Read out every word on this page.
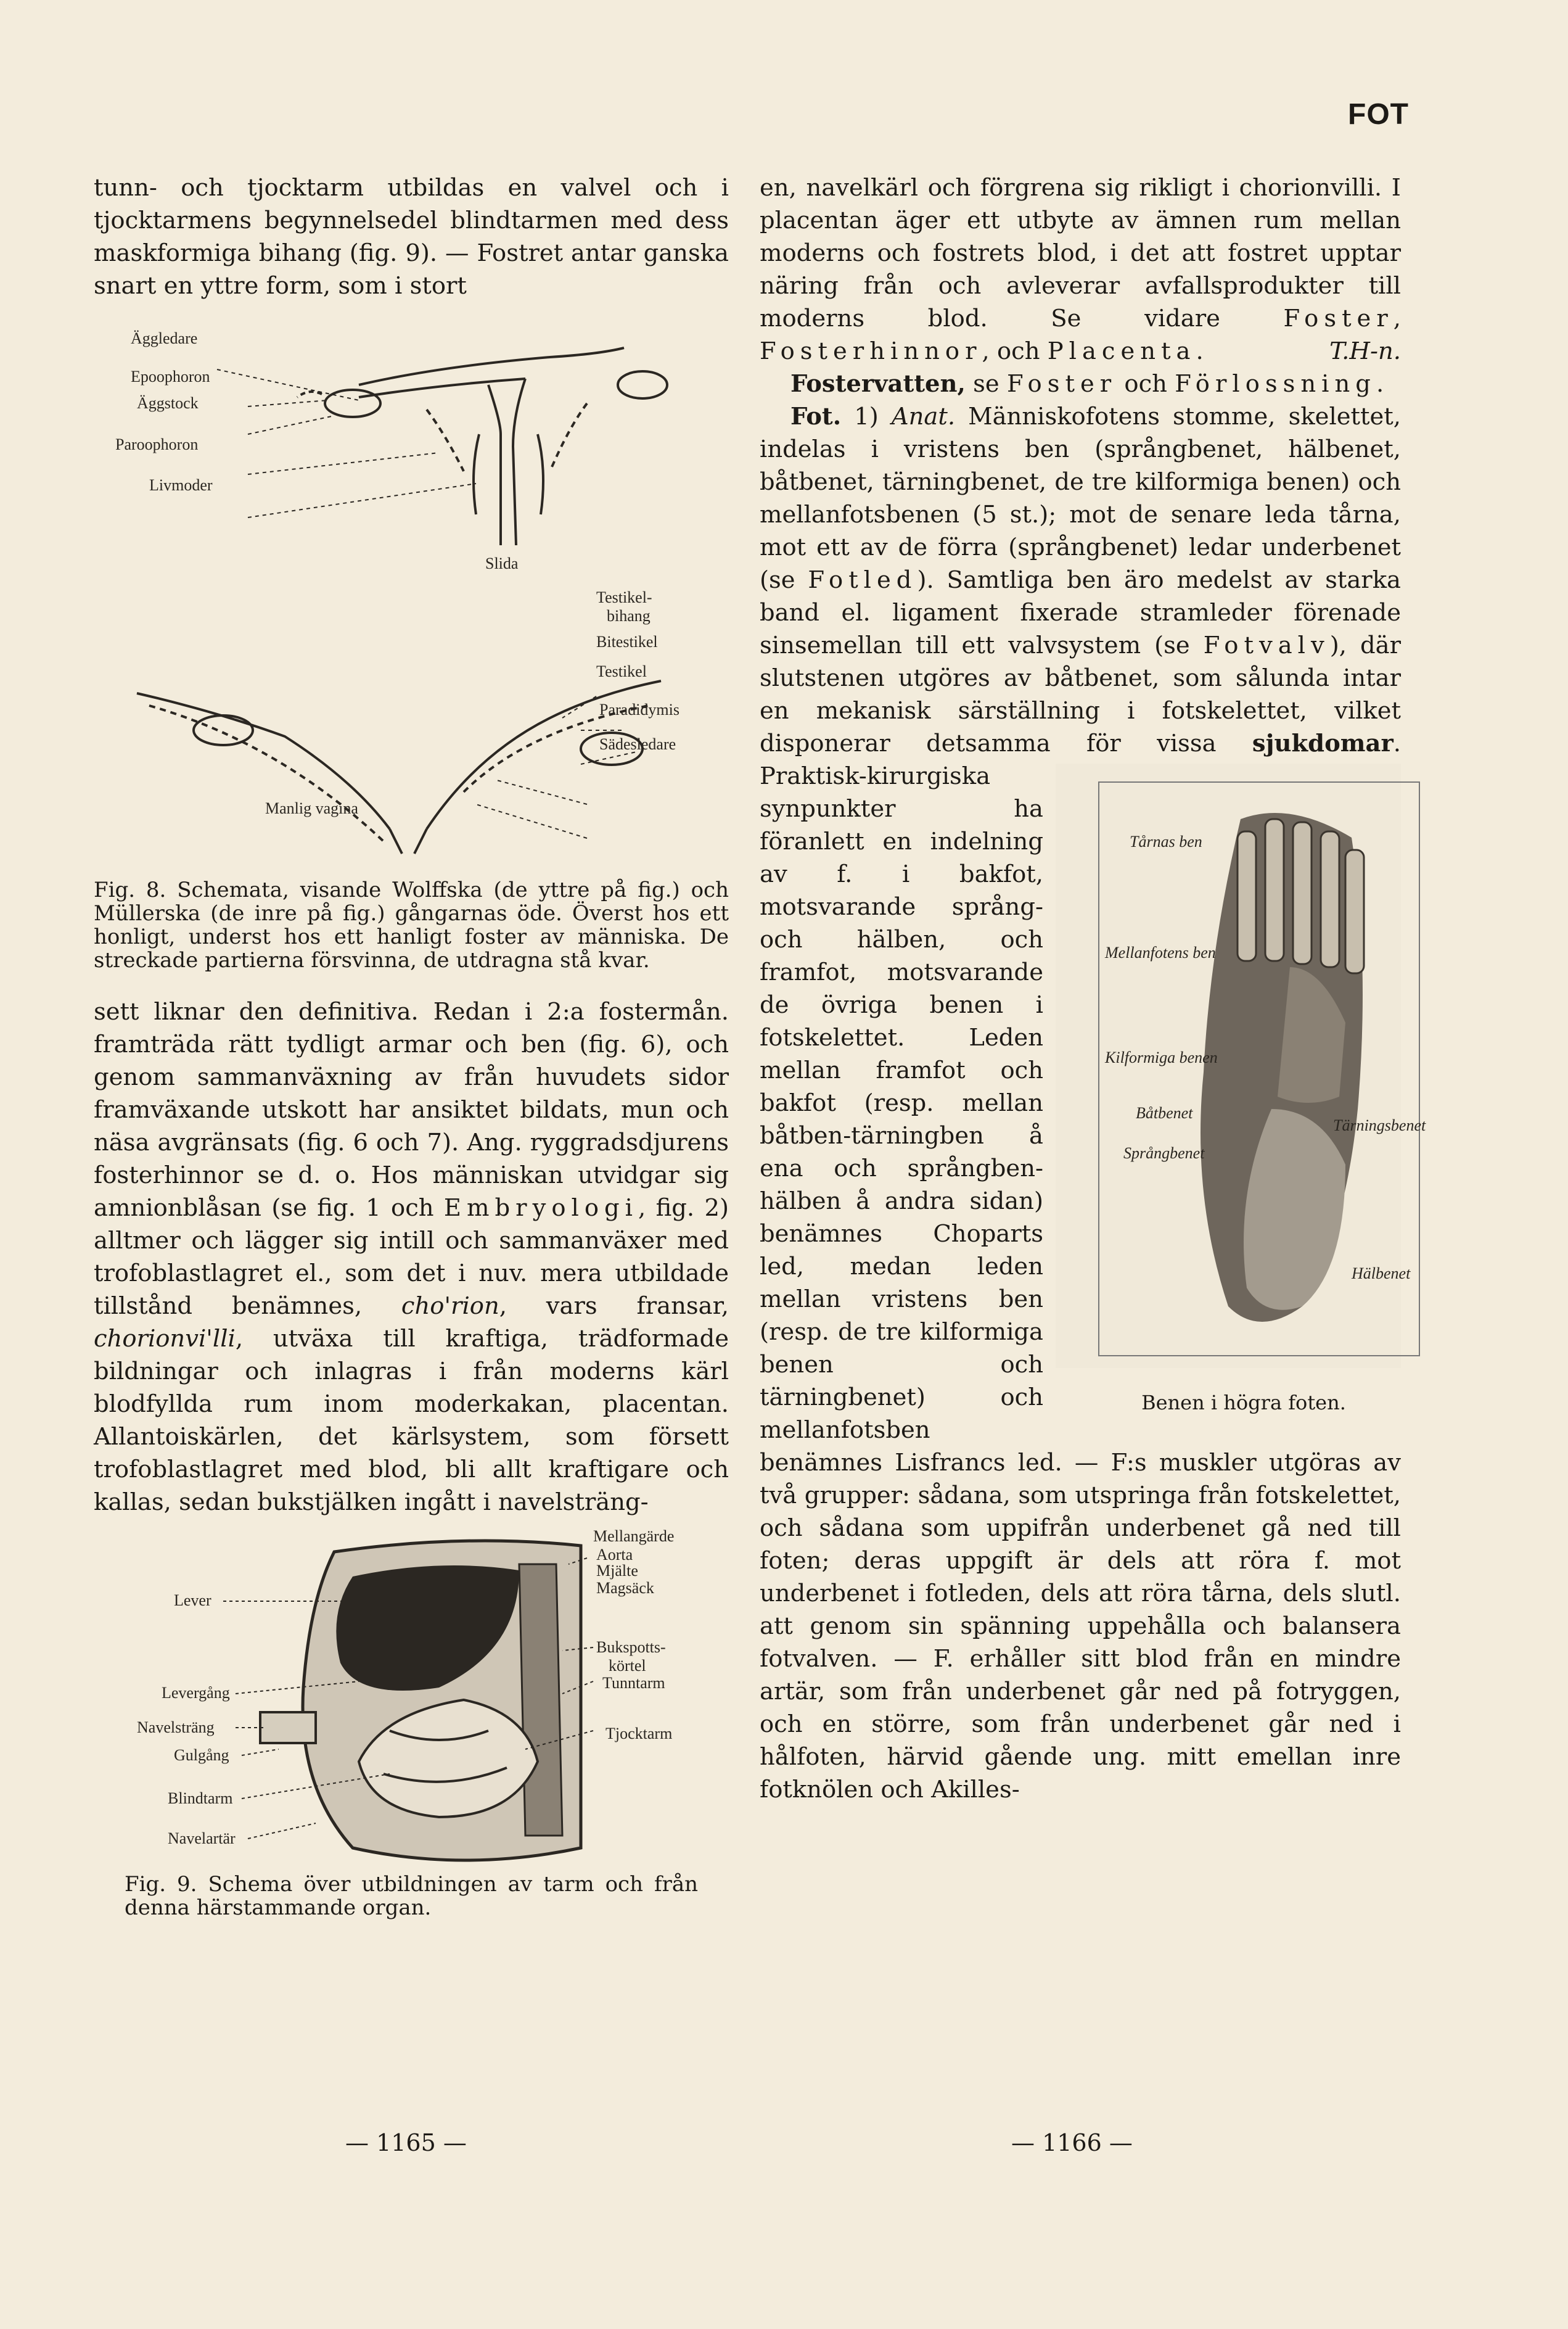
FOT

tunn- och tjocktarm utbildas en valvel och i tjocktarmens begynnelsedel blindtarmen med dess maskformiga bihang (fig. 9). — Fostret antar ganska snart en yttre form, som i stort

Äggledare
Epoophoron
Äggstock
Paroophoron
Livmoder
Slida
Testikel-
bihang
Bitestikel
Testikel
Paradidymis
Sädesledare
Manlig vagina

Fig. 8. Schemata, visande Wolffska (de yttre på fig.) och Müllerska (de inre på fig.) gångarnas öde. Överst hos ett honligt, underst hos ett hanligt foster av människa. De streckade partierna försvinna, de utdragna stå kvar.

sett liknar den definitiva. Redan i 2:a fostermån. framträda rätt tydligt armar och ben (fig. 6), och genom sammanväxning av från huvudets sidor framväxande utskott har ansiktet bildats, mun och näsa avgränsats (fig. 6 och 7). Ang. ryggradsdjurens fosterhinnor se d. o. Hos människan utvidgar sig amnionblåsan (se fig. 1 och Embryologi, fig. 2) alltmer och lägger sig intill och sammanväxer med trofoblastlagret el., som det i nuv. mera utbildade tillstånd benämnes, cho'rion, vars fransar, chorionvi'lli, utväxa till kraftiga, trädformade bildningar och inlagras i från moderns kärl blodfyllda rum inom moderkakan, placentan. Allantoiskärlen, det kärlsystem, som försett trofoblastlagret med blod, bli allt kraftigare och kallas, sedan bukstjälken ingått i navelsträng-

Mellangärde
Aorta
Mjälte
Magsäck
Lever
Bukspotts-
körtel
Tunntarm
Levergång
Navelsträng	Tjocktarm
Gulgång
Blindtarm
Navelartär

Fig. 9. Schema över utbildningen av tarm och från denna härstammande organ.

— 1165 —

en, navelkärl och förgrena sig rikligt i chorionvilli. I placentan äger ett utbyte av ämnen rum mellan moderns och fostrets blod, i det att fostret upptar näring från och avleverar avfallsprodukter till moderns blod. Se vidare Foster, Fosterhinnor, och Placenta.	T.H-n.

Fostervatten, se Foster och Förlossning.

Fot. 1) Anat. Människofotens stomme, skelettet, indelas i vristens ben (språngbenet, hälbenet, båtbenet, tärningbenet, de tre kilformiga benen) och mellanfotsbenen (5 st.); mot de senare leda tårna, mot ett av de förra (språngbenet) ledar underbenet (se Fotled). Samtliga ben äro medelst av starka band el. ligament fixerade stramleder förenade sinsemellan till ett valvsystem (se Fotvalv), där slutstenen utgöres av båtbenet, som sålunda intar en mekanisk särställning i fotskelettet, vilket disponerar detsamma för vissa
Tårnas ben
Mellanfotens ben
Kilformiga benen
Båtbenet
Tärningsbenet
Språngbenet
Hälbenet
Benen i högra foten.
sjukdomar. Praktisk-kirurgiska synpunkter ha föranlett en indelning av f. i bakfot, motsvarande språng- och hälben, och framfot, motsvarande de övriga benen i fotskelettet. Leden mellan framfot och bakfot (resp. mellan båtben-tärningben å ena och språngben-hälben å andra sidan) benämnes Choparts led, medan leden mellan vristens ben (resp. de tre kilformiga benen och tärningbenet) och mellanfotsben benämnes Lisfrancs led. — F:s muskler utgöras av två grupper: sådana, som utspringa från fotskelettet, och sådana som uppifrån underbenet gå ned till foten; deras uppgift är dels att röra f. mot underbenet i fotleden, dels att röra tårna, dels slutl. att genom sin spänning uppehålla och balansera fotvalven. — F. erhåller sitt blod från en mindre artär, som från underbenet går ned på fotryggen, och en större, som från underbenet går ned i hålfoten, härvid gående ung. mitt emellan inre fotknölen och Akilles-

— 1166 —
